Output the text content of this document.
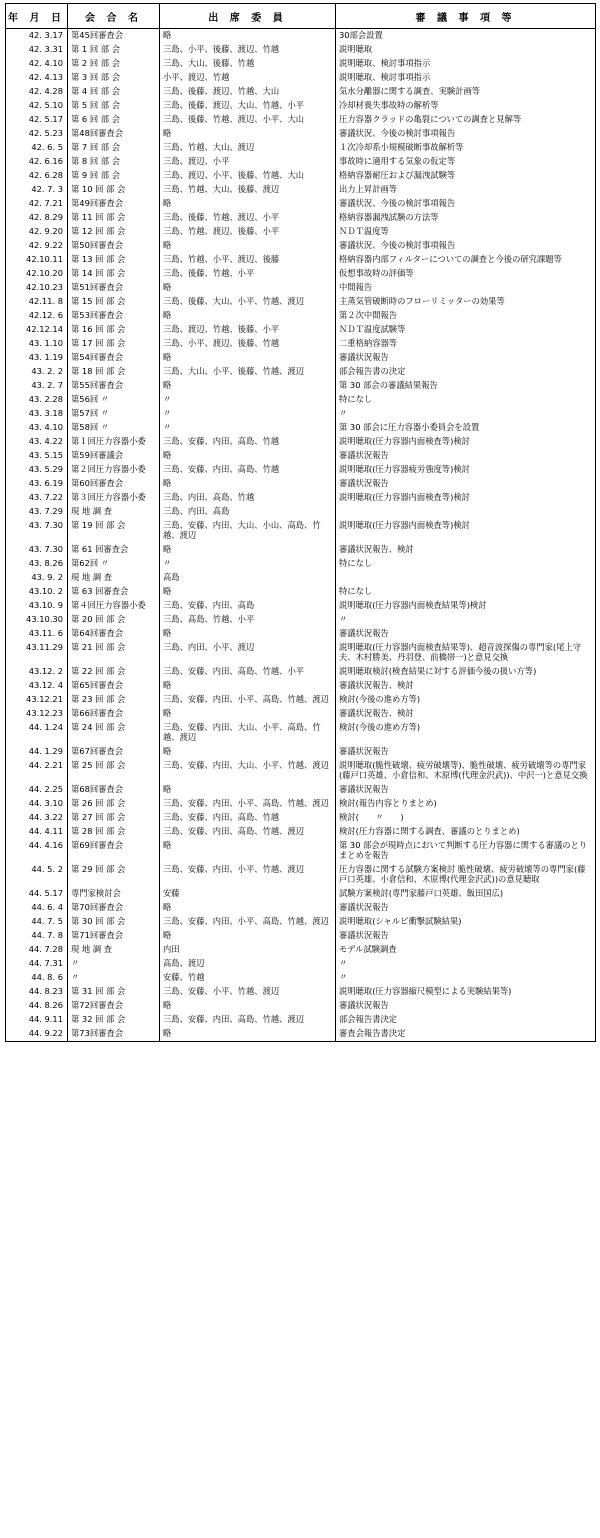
年 月 日	会 合 名	出 席 委 員	審 議 事 項 等
42. 3.17	第45回審査会	略	30部会設置
42. 3.31	第 1 回 部 会	三島、小平、後藤、渡辺、竹越	説明聴取
42. 4.10	第 2 回 部 会	三島、大山、後藤、竹越	説明聴取、検討事項指示
42. 4.13	第 3 回 部 会	小平、渡辺、竹越	説明聴取、検討事項指示
42. 4.28	第 4 回 部 会	三島、後藤、渡辺、竹越、大山	気水分離器に関する調査、実験計画等
42. 5.10	第 5 回 部 会	三島、後藤、渡辺、大山、竹越、小平	冷却材喪失事故時の解析等
42. 5.17	第 6 回 部 会	三島、後藤、竹越、渡辺、小平、大山	圧力容器クラッドの亀裂についての調査と見解等
42. 5.23	第48回審査会	略	審議状況、今後の検討事項報告
42. 6. 5	第 7 回 部 会	三島、竹越、大山、渡辺	１次冷却系小規模破断事故解析等
42. 6.16	第 8 回 部 会	三島、渡辺、小平	事故時に適用する気象の仮定等
42. 6.28	第 9 回 部 会	三島、渡辺、小平、後藤、竹越、大山	格納容器耐圧および漏洩試験等
42. 7. 3	第 10 回 部 会	三島、竹越、大山、後藤、渡辺	出力上昇計画等
42. 7.21	第49回審査会	略	審議状況、今後の検討事項報告
42. 8.29	第 11 回 部 会	三島、後藤、竹越、渡辺、小平	格納容器漏洩試験の方法等
42. 9.20	第 12 回 部 会	三島、竹越、渡辺、後藤、小平	ＮＤＴ温度等
42. 9.22	第50回審査会	略	審議状況、今後の検討事項報告
42.10.11	第 13 回 部 会	三島、竹越、小平、渡辺、後藤	格納容器内部フィルターについての調査と今後の研究課題等
42.10.20	第 14 回 部 会	三島、後藤、竹越、小平	仮想事故時の評価等
42.10.23	第51回審査会	略	中間報告
42.11. 8	第 15 回 部 会	三島、後藤、大山、小平、竹越、渡辺	主蒸気管破断時のフローリミッターの効果等
42.12. 6	第53回審査会	略	第２次中間報告
42.12.14	第 16 回 部 会	三島、渡辺、竹越、後藤、小平	ＮＤＴ温度試験等
43. 1.10	第 17 回 部 会	三島、小平、渡辺、後藤、竹越	二重格納容器等
43. 1.19	第54回審査会	略	審議状況報告
43. 2. 2	第 18 回 部 会	三島、大山、小平、後藤、竹越、渡辺	部会報告書の決定
43. 2. 7	第55回審査会	略	第 30 部会の審議結果報告
43. 2.28	第56回 〃	〃	特になし
43. 3.18	第57回 〃	〃	〃
43. 4.10	第58回 〃	〃	第 30 部会に圧力容器小委員会を設置
43. 4.22	第１回圧力容器小委	三島、安藤、内田、高島、竹越	説明聴取(圧力容器内面検査等)検討
43. 5.15	第59回審議会	略	審議状況報告
43. 5.29	第２回圧力容器小委	三島、安藤、内田、高島、竹越	説明聴取(圧力容器疲労強度等)検討
43. 6.19	第60回審査会	略	審議状況報告
43. 7.22	第３回圧力容器小委	三島、内田、高島、竹越	説明聴取(圧力容器内面検査等)検討
43. 7.29	現 地 調 査	三島、内田、高島	
43. 7.30	第 19 回 部 会	三島、安藤、内田、大山、小山、高島、竹越、渡辺	説明聴取(圧力容器内面検査等)検討
43. 7.30	第 61 回審査会	略	審議状況報告、検討
43. 8.26	第62回 〃	〃	特になし
43. 9. 2	現 地 調 査	高島	
43.10. 2	第 63 回審査会	略	特になし
43.10. 9	第４回圧力容器小委	三島、安藤、内田、高島	説明聴取(圧力容器内面検査結果等)検討
43.10.30	第 20 回 部 会	三島、高島、竹越、小平	〃
43.11. 6	第64回審査会	略	審議状況報告
43.11.29	第 21 回 部 会	三島、内田、小平、渡辺	説明聴取(圧力容器内面検査結果等)、超音波探傷の専門家(尾上守夫、木村勝美、丹羽登、前橋帯一)と意見交換
43.12. 2	第 22 回 部 会	三島、安藤、内田、高島、竹越、小平	説明聴取検討(検査結果に対する評価今後の扱い方等)
43.12. 4	第65回審査会	略	審議状況報告、検討
43.12.21	第 23 回 部 会	三島、安藤、内田、小平、高島、竹越、渡辺	検討(今後の進め方等)
43.12.23	第66回審査会	略	審議状況報告、検討
44. 1.24	第 24 回 部 会	三島、安藤、内田、大山、小平、高島、竹越、渡辺	検討(今後の進め方等)
44. 1.29	第67回審査会	略	審議状況報告
44. 2.21	第 25 回 部 会	三島、安藤、内田、大山、小平、竹越、渡辺	説明聴取(脆性破壊、疲労破壊等)、脆性破壊、疲労破壊等の専門家(藤戸口英雄、小倉信和、木原博(代理金沢武))、中沢一)と意見交換
44. 2.25	第68回審査会	略	審議状況報告
44. 3.10	第 26 回 部 会	三島、安藤、内田、小平、高島、竹越、渡辺	検討(報告内容とりまとめ)
44. 3.22	第 27 回 部 会	三島、安藤、内田、高島、竹越	検討(　　〃　　)
44. 4.11	第 28 回 部 会	三島、安藤、内田、高島、竹越、渡辺	検討(圧力容器に関する調査、審議のとりまとめ)
44. 4.16	第69回審査会	略	第 30 部会が現時点において判断する圧力容器に関する審議のとりまとめを報告
44. 5. 2	第 29 回 部 会	三島、安藤、内田、小平、竹越、渡辺	圧力容器に関する試験方案検討 脆性破壊、疲労破壊等の専門家(藤戸口英雄、小倉信和、木原博(代理金沢武))の意見聴取
44. 5.17	専門家検討会	安藤	試験方案検討(専門家藤戸口英雄、飯田国広)
44. 6. 4	第70回審査会	略	審議状況報告
44. 7. 5	第 30 回 部 会	三島、安藤、内田、小平、高島、竹越、渡辺	説明聴取(シャルピ衝撃試験結果)
44. 7. 8	第71回審査会	略	審議状況報告
44. 7.28	現 地 調 査	内田	モデル試験調査
44. 7.31	〃	高島、渡辺	〃
44. 8. 6	〃	安藤、竹越	〃
44. 8.23	第 31 回 部 会	三島、安藤、小平、竹越、渡辺	説明聴取(圧力容器縮尺模型による実験結果等)
44. 8.26	第72回審査会	略	審議状況報告
44. 9.11	第 32 回 部 会	三島、安藤、内田、高島、竹越、渡辺	部会報告書決定
44. 9.22	第73回審査会	略	審査会報告書決定
